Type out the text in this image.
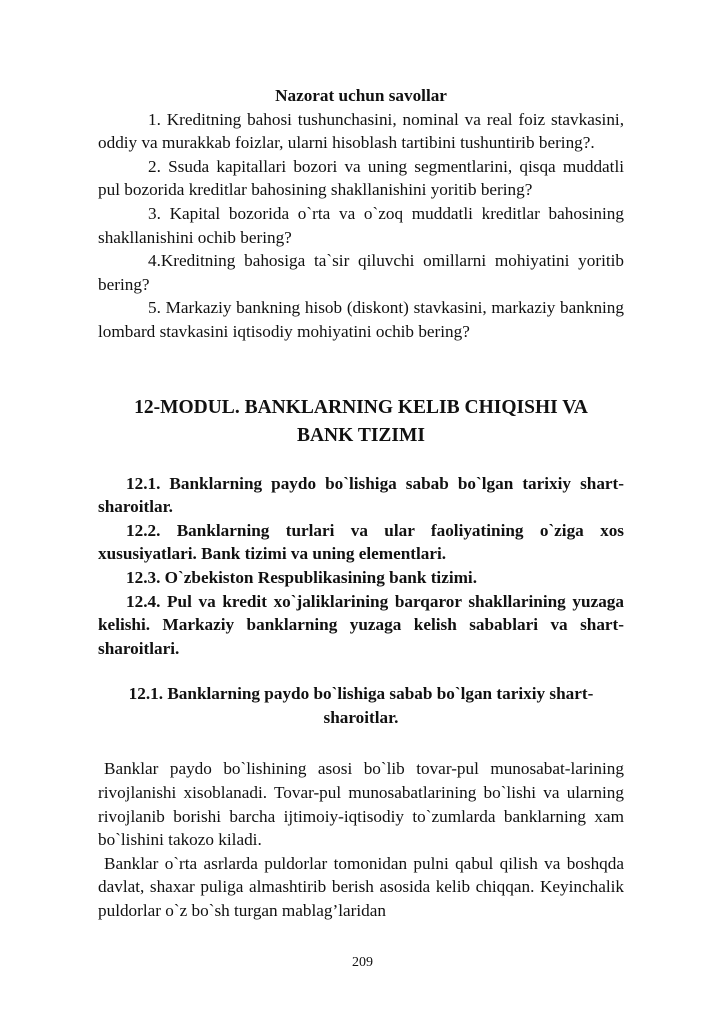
Nazorat uchun savollar

1. Kreditning bahosi tushunchasini, nominal va real foiz stavkasini, oddiy va murakkab foizlar, ularni hisoblash tartibini tushuntirib bering?.

2. Ssuda kapitallari bozori va uning segmentlarini, qisqa muddatli pul bozorida kreditlar bahosining shakllanishini yoritib bering?

3. Kapital bozorida o`rta va o`zoq muddatli kreditlar bahosining shakllanishini ochib bering?

4.Kreditning bahosiga ta`sir qiluvchi omillarni mohiyatini yoritib bering?

5. Markaziy bankning hisob (diskont) stavkasini, markaziy bankning lombard stavkasini iqtisodiy mohiyatini ochib bering?

12-MODUL. BANKLARNING KELIB CHIQISHI VA
BANK TIZIMI

12.1. Banklarning paydo bo`lishiga sabab bo`lgan tarixiy shart-sharoitlar.

12.2. Banklarning turlari va ular faoliyatining o`ziga xos xususiyatlari. Bank tizimi va uning elementlari.

12.3. O`zbekiston Respublikasining bank tizimi.

12.4. Pul va kredit xo`jaliklarining barqaror shakllarining yuzaga kelishi. Markaziy banklarning yuzaga kelish sabablari va shart-sharoitlari.

12.1. Banklarning paydo bo`lishiga sabab bo`lgan tarixiy shart-
sharoitlar.

Banklar paydo bo`lishining asosi bo`lib tovar-pul munosabat-larining rivojlanishi xisoblanadi. Tovar-pul munosabatlarining bo`lishi va ularning rivojlanib borishi barcha ijtimoiy-iqtisodiy to`zumlarda banklarning xam bo`lishini takozo kiladi.

Banklar o`rta asrlarda puldorlar tomonidan pulni qabul qilish va boshqda davlat, shaxar puliga almashtirib berish asosida kelib chiqqan. Keyinchalik puldorlar o`z bo`sh turgan mablag’laridan

209
